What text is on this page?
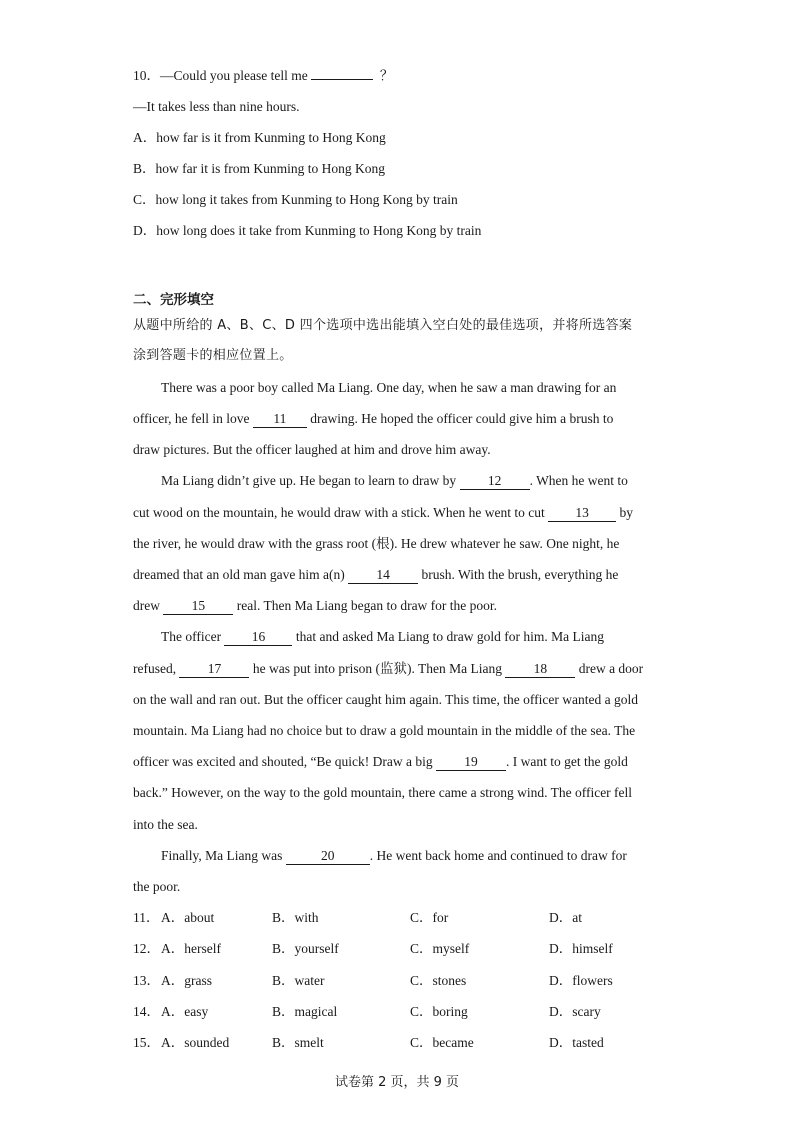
10．—Could you please tell me	？
—It takes less than nine hours.
A．how far is it from Kunming to Hong Kong
B．how far it is from Kunming to Hong Kong
C．how long it takes from Kunming to Hong Kong by train
D．how long does it take from Kunming to Hong Kong by train
二、完形填空
从题中所给的 A、B、C、D 四个选项中选出能填入空白处的最佳选项，并将所选答案
涂到答题卡的相应位置上。
There was a poor boy called Ma Liang. One day, when he saw a man drawing for an
officer, he fell in love 11 drawing. He hoped the officer could give him a brush to
draw pictures. But the officer laughed at him and drove him away.
Ma Liang didn’t give up. He began to learn to draw by 12 . When he went to
cut wood on the mountain, he would draw with a stick. When he went to cut 13 by
the river, he would draw with the grass root (根). He drew whatever he saw. One night, he
dreamed that an old man gave him a(n) 14 brush. With the brush, everything he
drew 15 real. Then Ma Liang began to draw for the poor.
The officer 16 that and asked Ma Liang to draw gold for him. Ma Liang
refused, 17 he was put into prison (监狱). Then Ma Liang 18 drew a door
on the wall and ran out. But the officer caught him again. This time, the officer wanted a gold
mountain. Ma Liang had no choice but to draw a gold mountain in the middle of the sea. The
officer was excited and shouted, “Be quick! Draw a big 19 . I want to get the gold
back.” However, on the way to the gold mountain, there came a strong wind. The officer fell
into the sea.
Finally, Ma Liang was	20	. He went back home and continued to draw for
the poor.
11． A．about	B．with	C．for	D．at
12． A．herself	B．yourself	C．myself	D．himself
13． A．grass	B．water	C．stones	D．flowers
14． A．easy	B．magical	C．boring	D．scary
15． A．sounded	B．smelt	C．became	D．tasted
试卷第 2 页，共 9 页
